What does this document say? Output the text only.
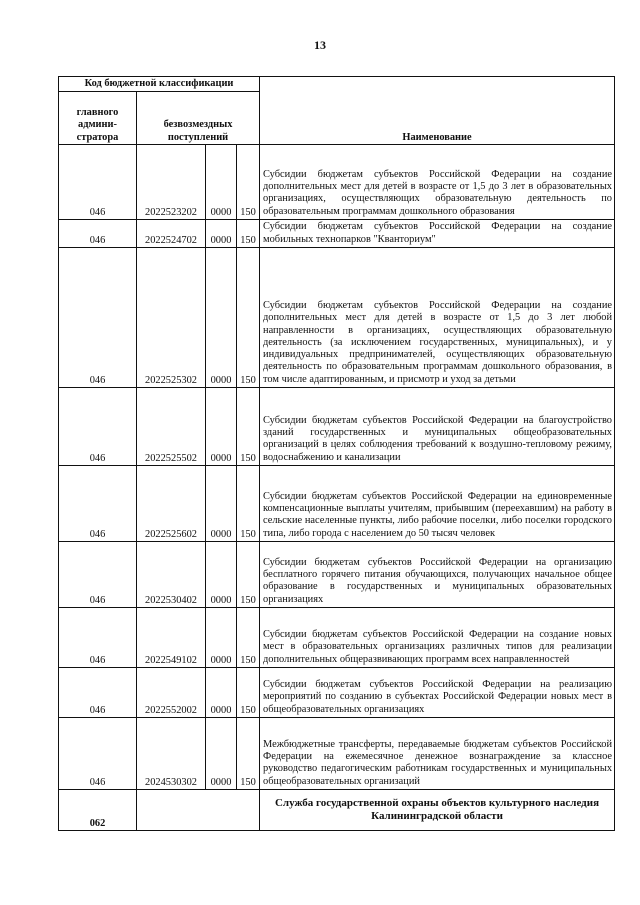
13
Код бюджетной классификации				Наименование
главного админи-стратора	безвозмездных поступлений			
046	2022523202	0000	150	Субсидии бюджетам субъектов Российской Федерации на создание дополнительных мест для детей в возрасте от 1,5 до 3 лет в образовательных организациях, осуществляющих образовательную деятельность по образовательным программам дошкольного образования
046	2022524702	0000	150	Субсидии бюджетам субъектов Российской Федерации на создание мобильных технопарков "Кванториум"
046	2022525302	0000	150	Субсидии бюджетам субъектов Российской Федерации на создание дополнительных мест для детей в возрасте от 1,5 до 3 лет любой направленности в организациях, осуществляющих образовательную деятельность (за исключением государственных, муниципальных), и у индивидуальных предпринимателей, осуществляющих образовательную деятельность по образовательным программам дошкольного образования, в том числе адаптированным, и присмотр и уход за детьми
046	2022525502	0000	150	Субсидии бюджетам субъектов Российской Федерации на благоустройство зданий государственных и муниципальных общеобразовательных организаций в целях соблюдения требований к воздушно-тепловому режиму, водоснабжению и канализации
046	2022525602	0000	150	Субсидии бюджетам субъектов Российской Федерации на единовременные компенсационные выплаты учителям, прибывшим (переехавшим) на работу в сельские населенные пункты, либо рабочие поселки, либо поселки городского типа, либо города с населением до 50 тысяч человек
046	2022530402	0000	150	Субсидии бюджетам субъектов Российской Федерации на организацию бесплатного горячего питания обучающихся, получающих начальное общее образование в государственных и муниципальных образовательных организациях
046	2022549102	0000	150	Субсидии бюджетам субъектов Российской Федерации на создание новых мест в образовательных организациях различных типов для реализации дополнительных общеразвивающих программ всех направленностей
046	2022552002	0000	150	Субсидии бюджетам субъектов Российской Федерации на реализацию мероприятий по созданию в субъектах Российской Федерации новых мест в общеобразовательных организациях
046	2024530302	0000	150	Межбюджетные трансферты, передаваемые бюджетам субъектов Российской Федерации на ежемесячное денежное вознаграждение за классное руководство педагогическим работникам государственных и муниципальных общеобразовательных организаций
062				Служба государственной охраны объектов культурного наследия Калининградской области
